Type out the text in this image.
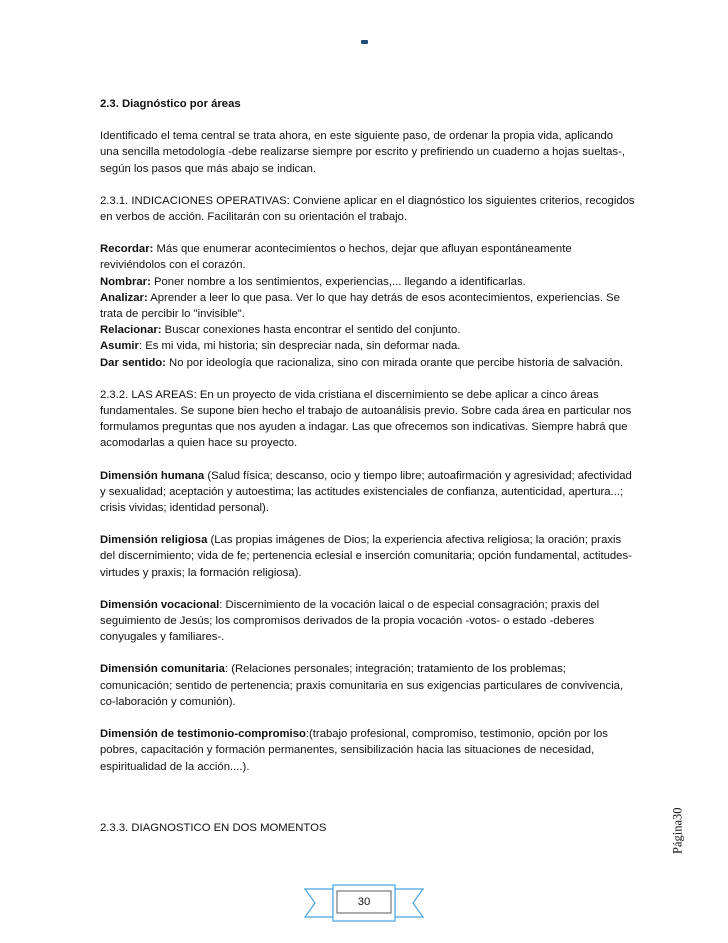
2.3. Diagnóstico por áreas

Identificado el tema central se trata ahora, en este siguiente paso, de ordenar la propia vida, aplicando una sencilla metodología -debe realizarse siempre por escrito y prefiriendo un cuaderno a hojas sueltas-, según los pasos que más abajo se indican.

2.3.1. INDICACIONES OPERATIVAS: Conviene aplicar en el diagnóstico los siguientes criterios, recogidos en verbos de acción. Facilitarán con su orientación el trabajo.

Recordar: Más que enumerar acontecimientos o hechos, dejar que afluyan espontáneamente reviviéndolos con el corazón.

Nombrar: Poner nombre a los sentimientos, experiencias,... llegando a identificarlas.

Analizar: Aprender a leer lo que pasa. Ver lo que hay detrás de esos acontecimientos, experiencias. Se trata de percibir lo "invisible".

Relacionar: Buscar conexiones hasta encontrar el sentido del conjunto.

Asumir: Es mi vida, mi historia; sin despreciar nada, sin deformar nada.

Dar sentido: No por ideología que racionaliza, sino con mirada orante que percibe historia de salvación.

2.3.2. LAS AREAS: En un proyecto de vida cristiana el discernimiento se debe aplicar a cinco áreas fundamentales. Se supone bien hecho el trabajo de autoanálisis previo. Sobre cada área en particular nos formulamos preguntas que nos ayuden a indagar. Las que ofrecemos son indicativas. Siempre habrá que acomodarlas a quien hace su proyecto.

Dimensión humana (Salud física; descanso, ocio y tiempo libre; autoafirmación y agresividad; afectividad y sexualidad; aceptación y autoestima; las actitudes existenciales de confianza, autenticidad, apertura...; crisis vividas; identidad personal).

Dimensión religiosa (Las propias imágenes de Dios; la experiencia afectiva religiosa; la oración; praxis del discernimiento; vida de fe; pertenencia eclesial e inserción comunitaria; opción fundamental, actitudes-virtudes y praxis; la formación religiosa).

Dimensión vocacional: Discernimiento de la vocación laical o de especial consagración; praxis del seguimiento de Jesús; los compromisos derivados de la propia vocación -votos- o estado -deberes conyugales y familiares-.

Dimensión comunitaria: (Relaciones personales; integración; tratamiento de los problemas; comunicación; sentido de pertenencia; praxis comunitaria en sus exigencias particulares de convivencia, co-laboración y comunión).

Dimensión de testimonio-compromiso:(trabajo profesional, compromiso, testimonio, opción por los pobres, capacitación y formación permanentes, sensibilización hacia las situaciones de necesidad, espiritualidad de la acción....).

2.3.3. DIAGNOSTICO EN DOS MOMENTOS	Página30
30
